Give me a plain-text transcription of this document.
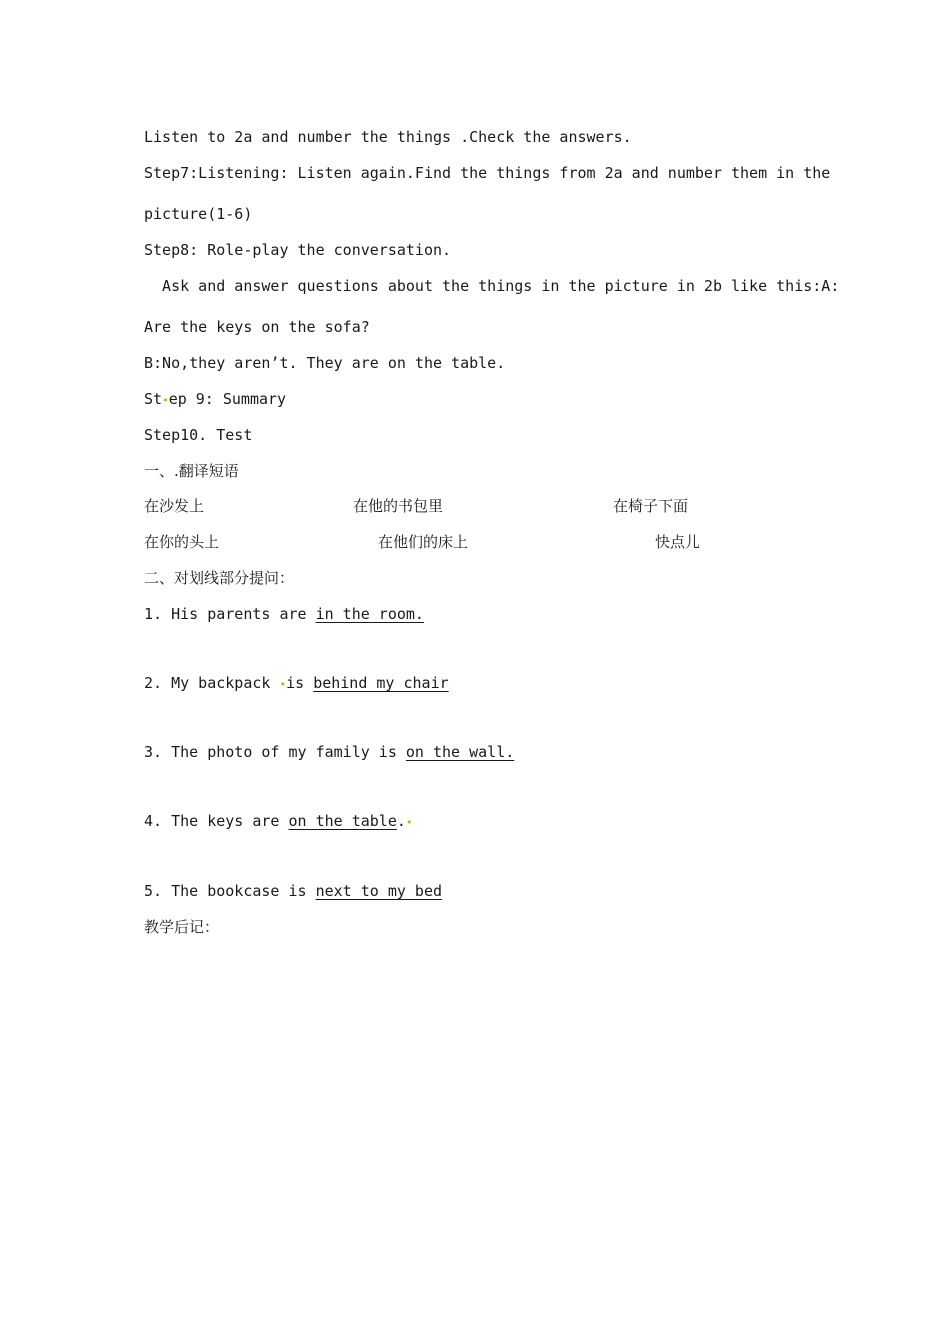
Listen to 2a and number the things .Check the answers.
Step7:Listening: Listen again.Find the things from 2a and number them in the
picture(1-6)
Step8: Role-play the conversation.
Ask and answer questions about the things in the picture in 2b like this:A:
Are the keys on the sofa?
B:No,they aren’t. They are on the table.
St•ep 9: Summary
Step10. Test
一、.翻译短语
在沙发上	在他的书包里	在椅子下面
在你的头上	在他们的床上	快点儿
二、对划线部分提问：
1. His parents are in the room.
2. My backpack •is behind my chair
3. The photo of my family is on the wall.
4. The keys are on the table.•
5. The bookcase is next to my bed
教学后记：
